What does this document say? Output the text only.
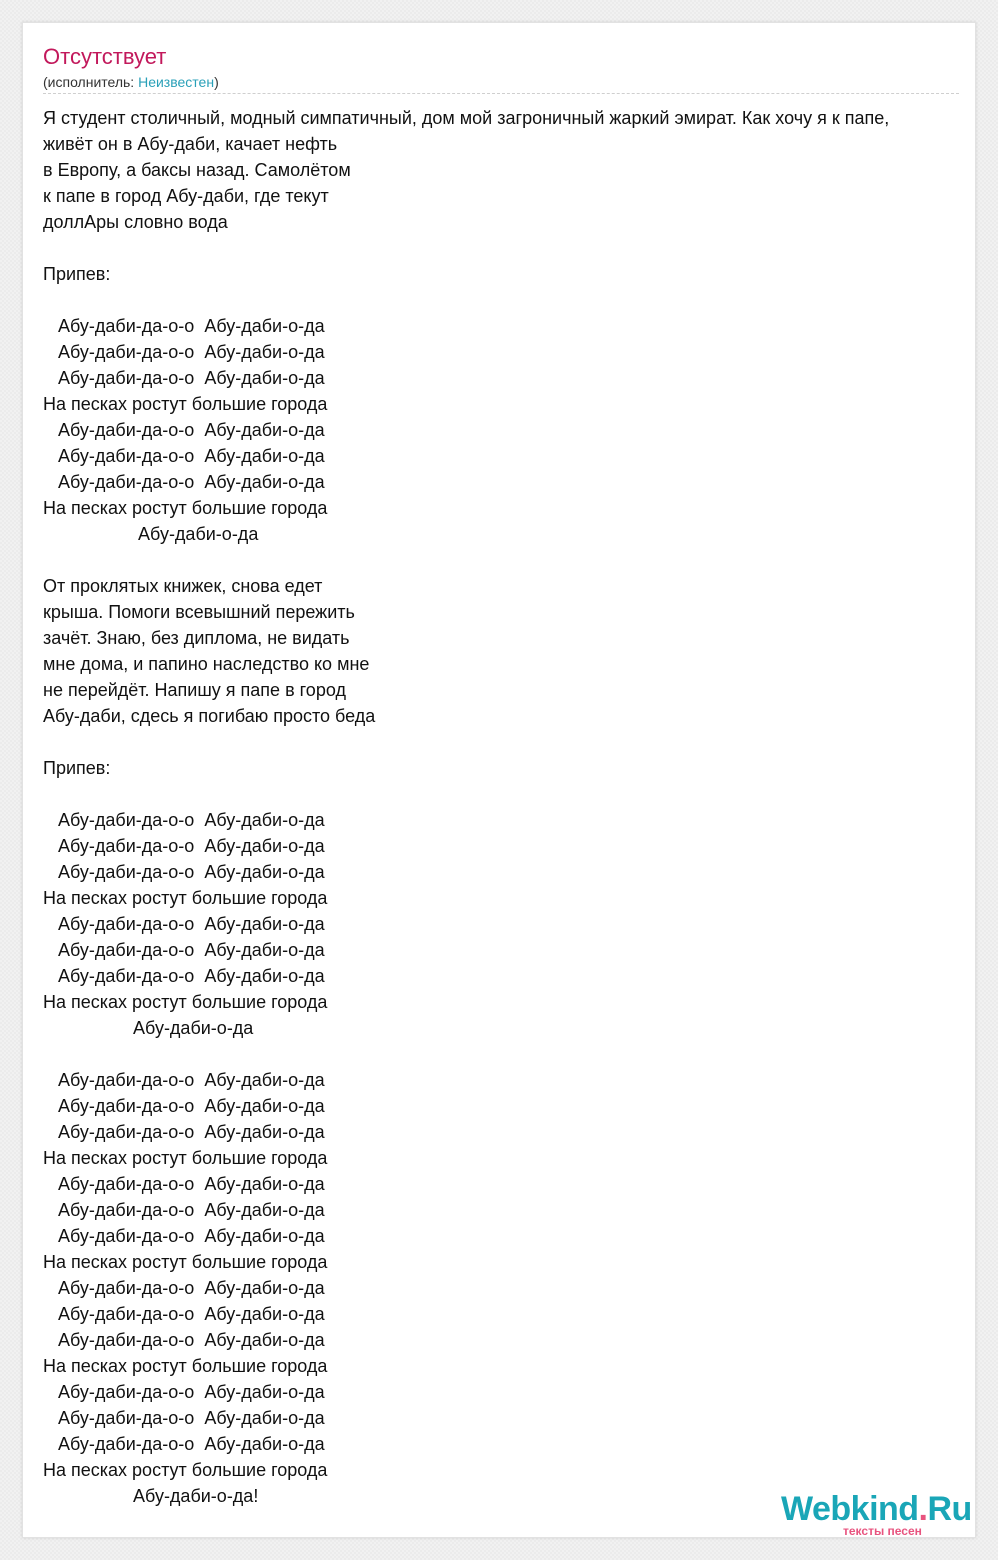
Отсутствует
(исполнитель: Неизвестен)
Я студент столичный, модный симпатичный, дом мой загроничный жаркий эмират. Как хочу я к папе,
живёт он в Абу-даби, качает нефть
в Европу, а баксы назад. Самолётом
к папе в город Абу-даби, где текут
доллАры словно вода
Припев:
Абу-даби-да-о-о  Абу-даби-о-да
Абу-даби-да-о-о  Абу-даби-о-да
Абу-даби-да-о-о  Абу-даби-о-да
На песках ростут большие города
Абу-даби-да-о-о  Абу-даби-о-да
Абу-даби-да-о-о  Абу-даби-о-да
Абу-даби-да-о-о  Абу-даби-о-да
На песках ростут большие города
Абу-даби-о-да
От проклятых книжек, снова едет
крыша. Помоги всевышний пережить
зачёт. Знаю, без диплома, не видать
мне дома, и папино наследство ко мне
не перейдёт. Напишу я папе в город
Абу-даби, сдесь я погибаю просто беда
Припев:
Абу-даби-да-о-о  Абу-даби-о-да
Абу-даби-да-о-о  Абу-даби-о-да
Абу-даби-да-о-о  Абу-даби-о-да
На песках ростут большие города
Абу-даби-да-о-о  Абу-даби-о-да
Абу-даби-да-о-о  Абу-даби-о-да
Абу-даби-да-о-о  Абу-даби-о-да
На песках ростут большие города
Абу-даби-о-да
Абу-даби-да-о-о  Абу-даби-о-да
Абу-даби-да-о-о  Абу-даби-о-да
Абу-даби-да-о-о  Абу-даби-о-да
На песках ростут большие города
Абу-даби-да-о-о  Абу-даби-о-да
Абу-даби-да-о-о  Абу-даби-о-да
Абу-даби-да-о-о  Абу-даби-о-да
На песках ростут большие города
Абу-даби-да-о-о  Абу-даби-о-да
Абу-даби-да-о-о  Абу-даби-о-да
Абу-даби-да-о-о  Абу-даби-о-да
На песках ростут большие города
Абу-даби-да-о-о  Абу-даби-о-да
Абу-даби-да-о-о  Абу-даби-о-да
Абу-даби-да-о-о  Абу-даби-о-да
На песках ростут большие города
Абу-даби-о-да!	Webkind.Ru
тексты песен
